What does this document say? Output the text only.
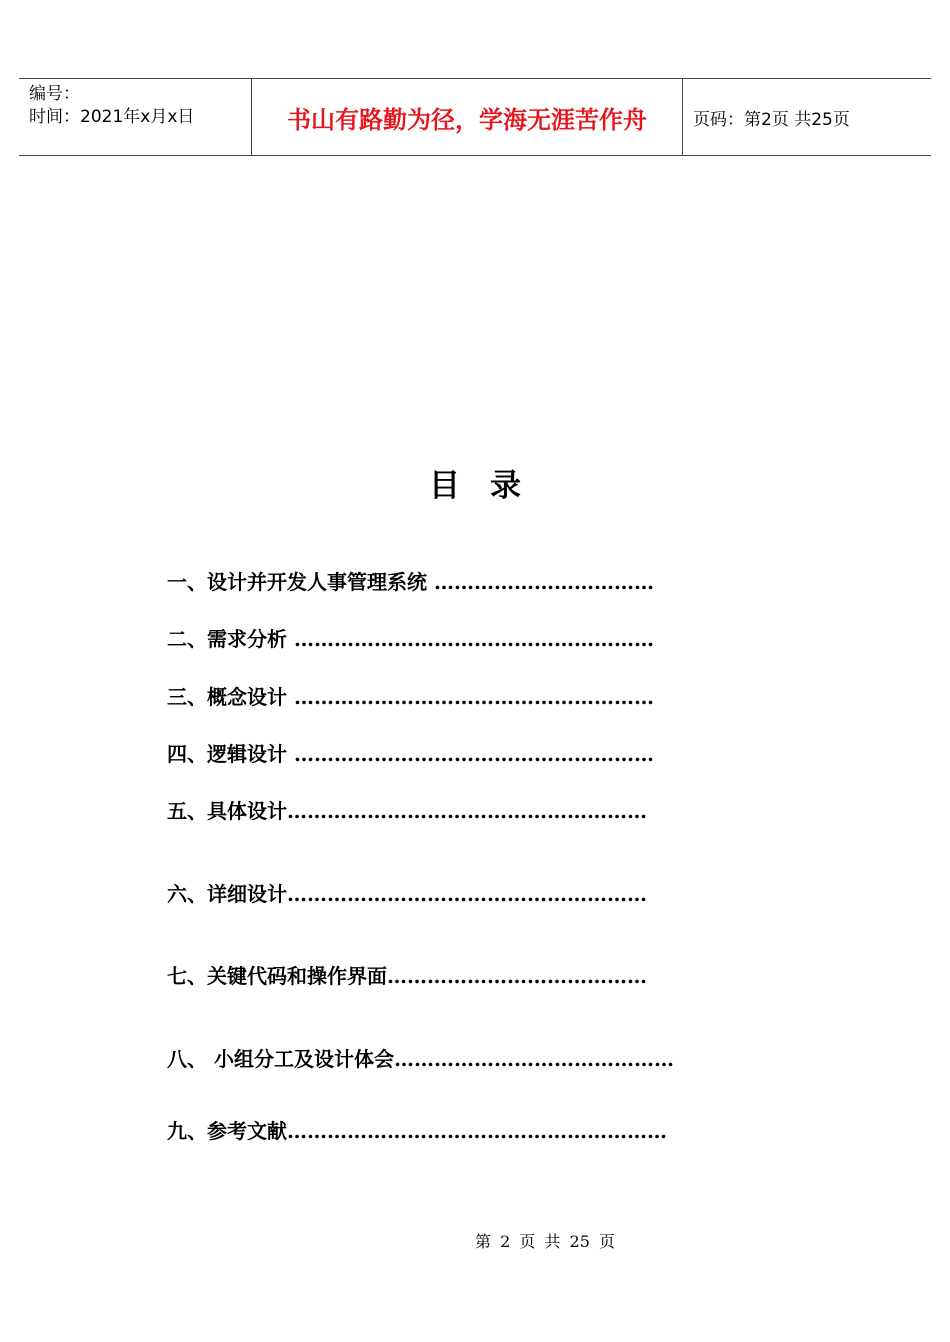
编号：
时间：2021年x月x日	书山有路勤为径，学海无涯苦作舟	页码：第2页 共25页
目录
一、设计并开发人事管理系统 ……………………………
二、需求分析 ………………………………………………
三、概念设计 ………………………………………………
四、逻辑设计 ………………………………………………
五、具体设计………………………………………………
六、详细设计………………………………………………
七、关键代码和操作界面…………………………………
八、 小组分工及设计体会……………………………………
九、参考文献…………………………………………………
第 2 页 共 25 页
